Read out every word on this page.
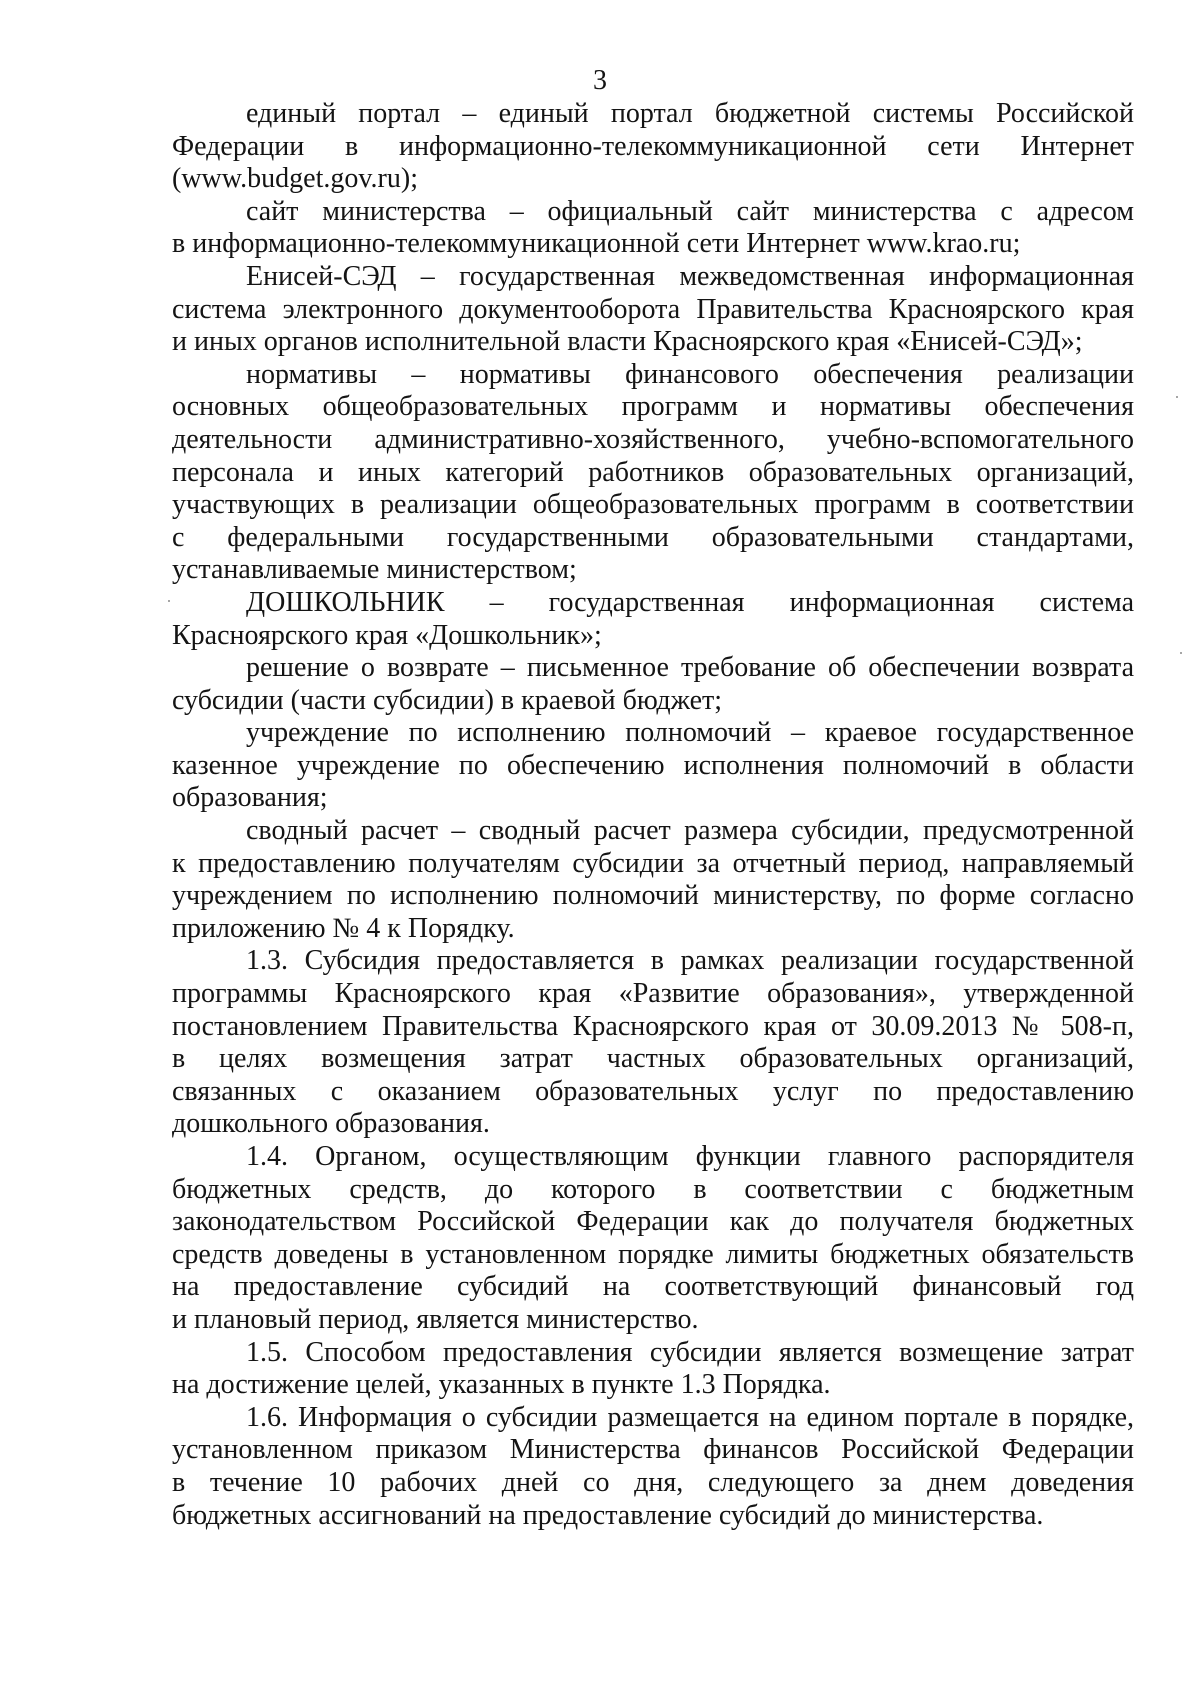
3

единый портал – единый портал бюджетной системы Российской
Федерации в информационно-телекоммуникационной сети Интернет
(www.budget.gov.ru);

сайт министерства – официальный сайт министерства с адресом
в информационно-телекоммуникационной сети Интернет www.krao.ru;

Енисей-СЭД – государственная межведомственная информационная
система электронного документооборота Правительства Красноярского края
и иных органов исполнительной власти Красноярского края «Енисей-СЭД»;

нормативы – нормативы финансового обеспечения реализации
основных общеобразовательных программ и нормативы обеспечения
деятельности административно-хозяйственного, учебно-вспомогательного
персонала и иных категорий работников образовательных организаций,
участвующих в реализации общеобразовательных программ в соответствии
с федеральными государственными образовательными стандартами,
устанавливаемые министерством;

ДОШКОЛЬНИК – государственная информационная система
Красноярского края «Дошкольник»;

решение о возврате – письменное требование об обеспечении возврата
субсидии (части субсидии) в краевой бюджет;

учреждение по исполнению полномочий – краевое государственное
казенное учреждение по обеспечению исполнения полномочий в области
образования;

сводный расчет – сводный расчет размера субсидии, предусмотренной
к предоставлению получателям субсидии за отчетный период, направляемый
учреждением по исполнению полномочий министерству, по форме согласно
приложению № 4 к Порядку.

1.3. Субсидия предоставляется в рамках реализации государственной
программы Красноярского края «Развитие образования», утвержденной
постановлением Правительства Красноярского края от 30.09.2013 № 508-п,
в целях возмещения затрат частных образовательных организаций,
связанных с оказанием образовательных услуг по предоставлению
дошкольного образования.

1.4. Органом, осуществляющим функции главного распорядителя
бюджетных средств, до которого в соответствии с бюджетным
законодательством Российской Федерации как до получателя бюджетных
средств доведены в установленном порядке лимиты бюджетных обязательств
на предоставление субсидий на соответствующий финансовый год
и плановый период, является министерство.

1.5. Способом предоставления субсидии является возмещение затрат
на достижение целей, указанных в пункте 1.3 Порядка.

1.6. Информация о субсидии размещается на едином портале в порядке,
установленном приказом Министерства финансов Российской Федерации
в течение 10 рабочих дней со дня, следующего за днем доведения
бюджетных ассигнований на предоставление субсидий до министерства.
